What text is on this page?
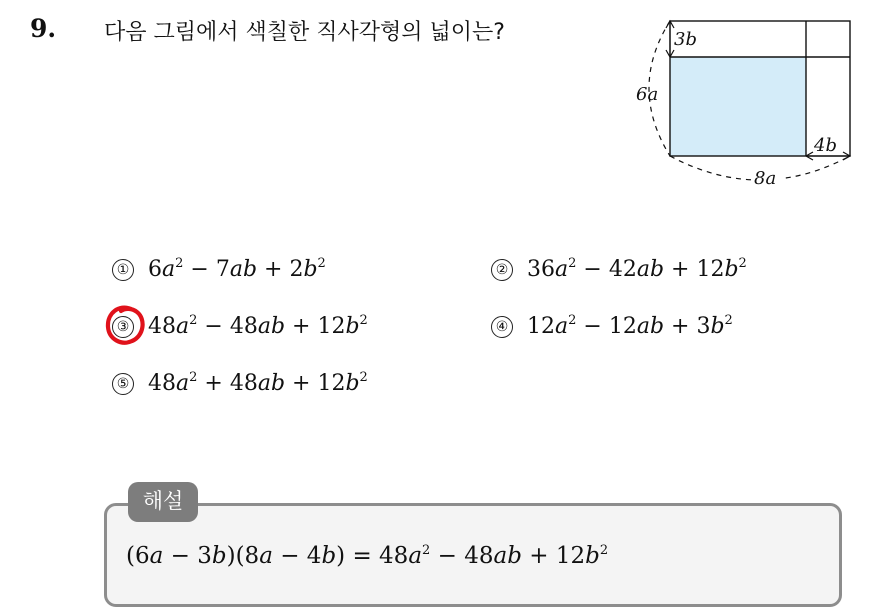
9. 다음 그림에서 색칠한 직사각형의 넓이는?
6a
3b
4b
8a
① $6a^2 - 7ab + 2b^2$	② $36a^2 - 42ab + 12b^2$
③ $48a^2 - 48ab + 12b^2$	④ $12a^2 - 12ab + 3b^2$
⑤ $48a^2 + 48ab + 12b^2$
해설
$(6a - 3b)(8a - 4b) = 48a^2 - 48ab + 12b^2$
